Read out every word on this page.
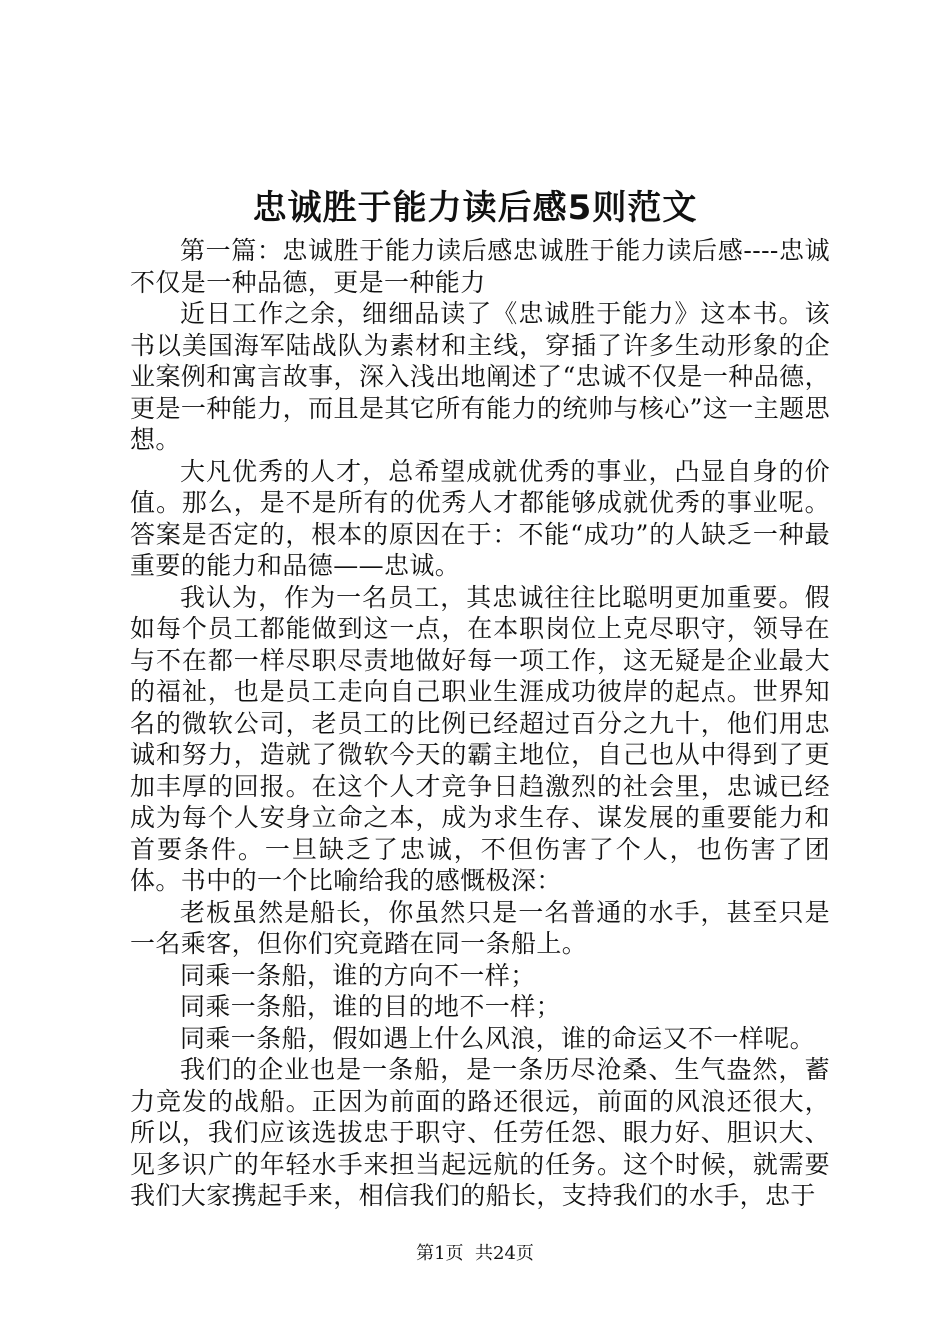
忠诚胜于能力读后感5则范文

第一篇：忠诚胜于能力读后感忠诚胜于能力读后感----忠诚不仅是一种品德，更是一种能力

近日工作之余，细细品读了《忠诚胜于能力》这本书。该书以美国海军陆战队为素材和主线，穿插了许多生动形象的企业案例和寓言故事，深入浅出地阐述了“忠诚不仅是一种品德，更是一种能力，而且是其它所有能力的统帅与核心”这一主题思想。

大凡优秀的人才，总希望成就优秀的事业，凸显自身的价值。那么，是不是所有的优秀人才都能够成就优秀的事业呢。答案是否定的，根本的原因在于：不能“成功”的人缺乏一种最重要的能力和品德——忠诚。

我认为，作为一名员工，其忠诚往往比聪明更加重要。假如每个员工都能做到这一点，在本职岗位上克尽职守，领导在与不在都一样尽职尽责地做好每一项工作，这无疑是企业最大的福祉，也是员工走向自己职业生涯成功彼岸的起点。世界知名的微软公司，老员工的比例已经超过百分之九十，他们用忠诚和努力，造就了微软今天的霸主地位，自己也从中得到了更加丰厚的回报。在这个人才竞争日趋激烈的社会里，忠诚已经成为每个人安身立命之本，成为求生存、谋发展的重要能力和首要条件。一旦缺乏了忠诚，不但伤害了个人，也伤害了团体。书中的一个比喻给我的感慨极深：

老板虽然是船长，你虽然只是一名普通的水手，甚至只是一名乘客，但你们究竟踏在同一条船上。

同乘一条船，谁的方向不一样；

同乘一条船，谁的目的地不一样；

同乘一条船，假如遇上什么风浪，谁的命运又不一样呢。

我们的企业也是一条船，是一条历尽沧桑、生气盎然，蓄力竞发的战船。正因为前面的路还很远，前面的风浪还很大，所以，我们应该选拔忠于职守、任劳任怨、眼力好、胆识大、见多识广的年轻水手来担当起远航的任务。这个时候，就需要我们大家携起手来，相信我们的船长，支持我们的水手，忠于

第1页 共24页
